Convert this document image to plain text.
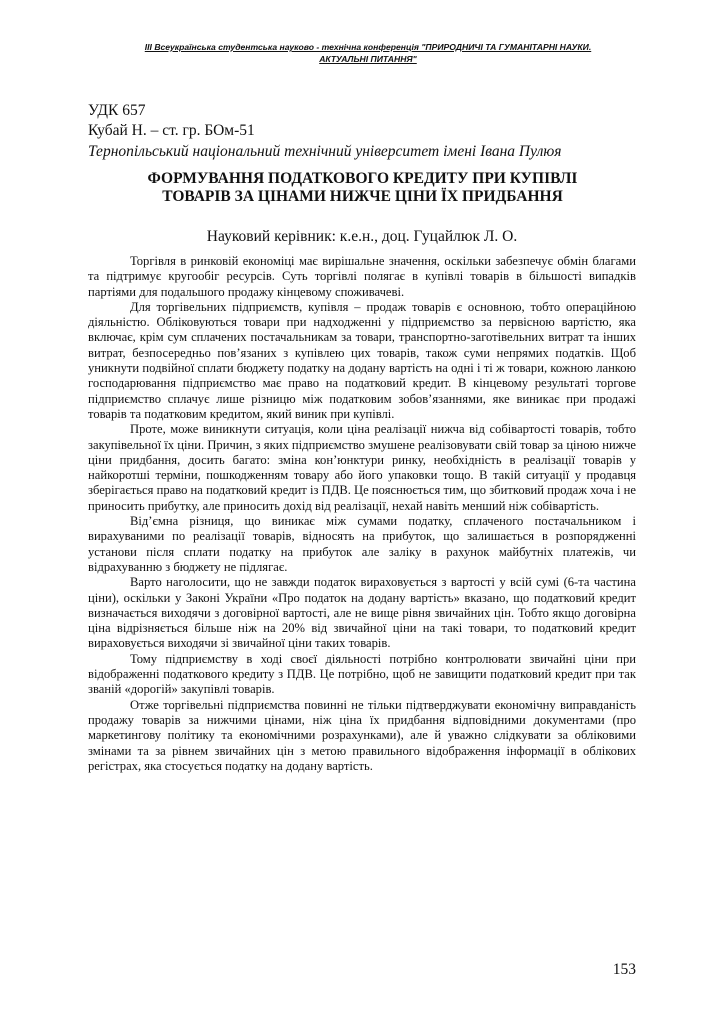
ІІІ Всеукраїнська студентська науково - технічна конференція "ПРИРОДНИЧІ ТА ГУМАНІТАРНІ НАУКИ.
АКТУАЛЬНІ ПИТАННЯ"
УДК 657
Кубай Н. – ст. гр. БОм-51
Тернопільський національний технічний університет імені Івана Пулюя
ФОРМУВАННЯ ПОДАТКОВОГО КРЕДИТУ ПРИ КУПІВЛІ
ТОВАРІВ ЗА ЦІНАМИ НИЖЧЕ ЦІНИ ЇХ ПРИДБАННЯ
Науковий керівник: к.е.н., доц. Гуцайлюк Л. О.

Торгівля в ринковій економіці має вирішальне значення, оскільки забезпечує обмін благами та підтримує кругообіг ресурсів. Суть торгівлі полягає в купівлі товарів в більшості випадків партіями для подальшого продажу кінцевому споживачеві.

Для торгівельних підприємств, купівля – продаж товарів є основною, тобто операційною діяльністю. Обліковуються товари при надходженні у підприємство за первісною вартістю, яка включає, крім сум сплачених постачальникам за товари, транспортно-заготівельних витрат та інших витрат, безпосередньо пов’язаних з купівлею цих товарів, також суми непрямих податків. Щоб уникнути подвійної сплати бюджету податку на додану вартість на одні і ті ж товари, кожною ланкою господарювання підприємство має право на податковий кредит. В кінцевому результаті торгове підприємство сплачує лише різницю між податковим зобов’язаннями, яке виникає при продажі товарів та податковим кредитом, який виник при купівлі.

Проте, може виникнути ситуація, коли ціна реалізації нижча від собівартості товарів, тобто закупівельної їх ціни. Причин, з яких підприємство змушене реалізовувати свій товар за ціною нижче ціни придбання, досить багато: зміна кон’юнктури ринку, необхідність в реалізації товарів у найкоротші терміни, пошкодженням товару або його упаковки тощо. В такій ситуації у продавця зберігається право на податковий кредит із ПДВ. Це пояснюється тим, що збитковий продаж хоча і не приносить прибутку, але приносить дохід від реалізації, нехай навіть менший ніж собівартість.

Від’ємна різниця, що виникає між сумами податку, сплаченого постачальником і вирахуваними по реалізації товарів, відносять на прибуток, що залишається в розпорядженні установи після сплати податку на прибуток але заліку в рахунок майбутніх платежів, чи відрахуванню з бюджету не підлягає.

Варто наголосити, що не завжди податок вираховується з вартості у всій сумі (6-та частина ціни), оскільки у Законі України «Про податок на додану вартість» вказано, що податковий кредит визначається виходячи з договірної вартості, але не вище рівня звичайних цін. Тобто якщо договірна ціна відрізняється більше ніж на 20% від звичайної ціни на такі товари, то податковий кредит вираховується виходячи зі звичайної ціни таких товарів.

Тому підприємству в ході своєї діяльності потрібно контролювати звичайні ціни при відображенні податкового кредиту з ПДВ. Це потрібно, щоб не завищити податковий кредит при так званій «дорогій» закупівлі товарів.

Отже торгівельні підприємства повинні не тільки підтверджувати економічну виправданість продажу товарів за нижчими цінами, ніж ціна їх придбання відповідними документами (про маркетингову політику та економічними розрахунками), але й уважно слідкувати за обліковими змінами та за рівнем звичайних цін з метою правильного відображення інформації в облікових регістрах, яка стосується податку на додану вартість.

153
